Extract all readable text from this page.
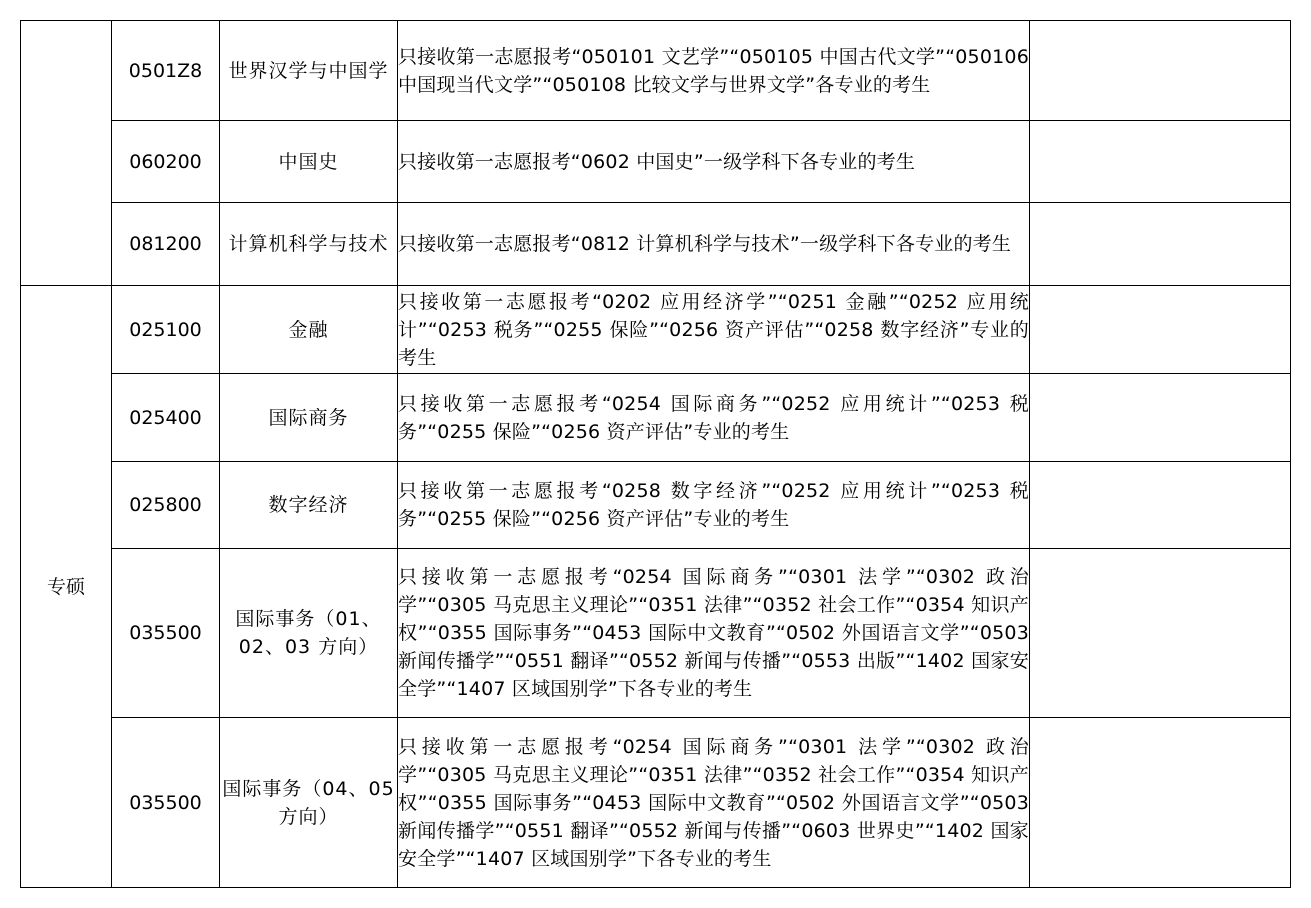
	0501Z8	世界汉学与中国学	只接收第一志愿报考“050101 文艺学”“050105 中国古代文学”“050106 中国现当代文学”“050108 比较文学与世界文学”各专业的考生	
	060200	中国史	只接收第一志愿报考“0602 中国史”一级学科下各专业的考生	
	081200	计算机科学与技术	只接收第一志愿报考“0812 计算机科学与技术”一级学科下各专业的考生	
专硕	025100	金融	只接收第一志愿报考“0202 应用经济学”“0251 金融”“0252 应用统计”“0253 税务”“0255 保险”“0256 资产评估”“0258 数字经济”专业的考生	
	025400	国际商务	只接收第一志愿报考“0254 国际商务”“0252 应用统计”“0253 税务”“0255 保险”“0256 资产评估”专业的考生	
	025800	数字经济	只接收第一志愿报考“0258 数字经济”“0252 应用统计”“0253 税务”“0255 保险”“0256 资产评估”专业的考生	
	035500	国际事务（01、02、03 方向）	只接收第一志愿报考“0254 国际商务”“0301 法学”“0302 政治学”“0305 马克思主义理论”“0351 法律”“0352 社会工作”“0354 知识产权”“0355 国际事务”“0453 国际中文教育”“0502 外国语言文学”“0503 新闻传播学”“0551 翻译”“0552 新闻与传播”“0553 出版”“1402 国家安全学”“1407 区域国别学”下各专业的考生	
	035500	国际事务（04、05 方向）	只接收第一志愿报考“0254 国际商务”“0301 法学”“0302 政治学”“0305 马克思主义理论”“0351 法律”“0352 社会工作”“0354 知识产权”“0355 国际事务”“0453 国际中文教育”“0502 外国语言文学”“0503 新闻传播学”“0551 翻译”“0552 新闻与传播”“0603 世界史”“1402 国家安全学”“1407 区域国别学”下各专业的考生	
